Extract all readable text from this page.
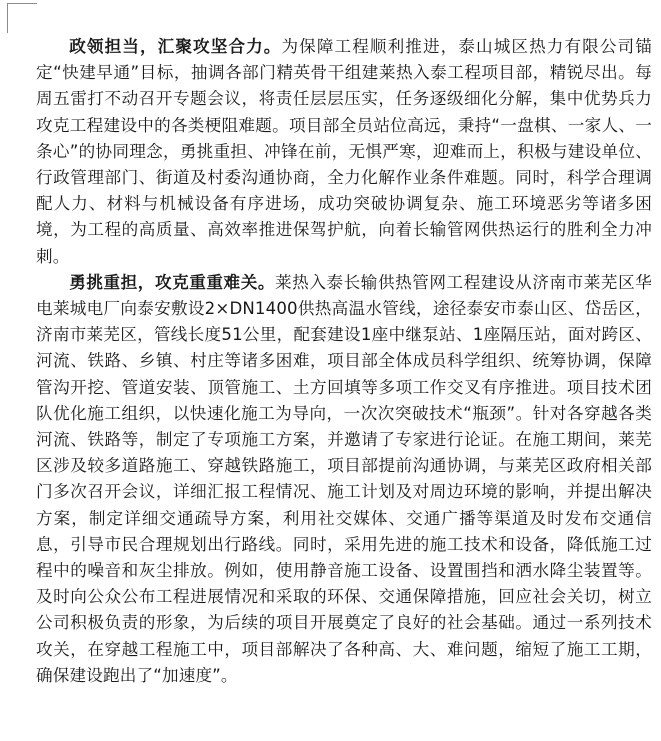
政领担当，汇聚攻坚合力。为保障工程顺利推进，泰山城区热力有限公司锚定“快建早通”目标，抽调各部门精英骨干组建莱热入泰工程项目部，精锐尽出。每周五雷打不动召开专题会议，将责任层层压实，任务逐级细化分解，集中优势兵力攻克工程建设中的各类梗阻难题。项目部全员站位高远，秉持“一盘棋、一家人、一条心”的协同理念，勇挑重担、冲锋在前，无惧严寒，迎难而上，积极与建设单位、行政管理部门、街道及村委沟通协商，全力化解作业条件难题。同时，科学合理调配人力、材料与机械设备有序进场，成功突破协调复杂、施工环境恶劣等诸多困境，为工程的高质量、高效率推进保驾护航，向着长输管网供热运行的胜利全力冲刺。

勇挑重担，攻克重重难关。莱热入泰长输供热管网工程建设从济南市莱芜区华电莱城电厂向泰安敷设2×DN1400供热高温水管线，途径泰安市泰山区、岱岳区，济南市莱芜区，管线长度51公里，配套建设1座中继泵站、1座隔压站，面对跨区、河流、铁路、乡镇、村庄等诸多困难，项目部全体成员科学组织、统筹协调，保障管沟开挖、管道安装、顶管施工、土方回填等多项工作交叉有序推进。项目技术团队优化施工组织，以快速化施工为导向，一次次突破技术“瓶颈”。针对各穿越各类河流、铁路等，制定了专项施工方案，并邀请了专家进行论证。在施工期间，莱芜区涉及较多道路施工、穿越铁路施工，项目部提前沟通协调，与莱芜区政府相关部门多次召开会议，详细汇报工程情况、施工计划及对周边环境的影响，并提出解决方案，制定详细交通疏导方案，利用社交媒体、交通广播等渠道及时发布交通信息，引导市民合理规划出行路线。同时，采用先进的施工技术和设备，降低施工过程中的噪音和灰尘排放。例如，使用静音施工设备、设置围挡和洒水降尘装置等。及时向公众公布工程进展情况和采取的环保、交通保障措施，回应社会关切，树立公司积极负责的形象，为后续的项目开展奠定了良好的社会基础。通过一系列技术攻关，在穿越工程施工中，项目部解决了各种高、大、难问题，缩短了施工工期，确保建设跑出了“加速度”。
